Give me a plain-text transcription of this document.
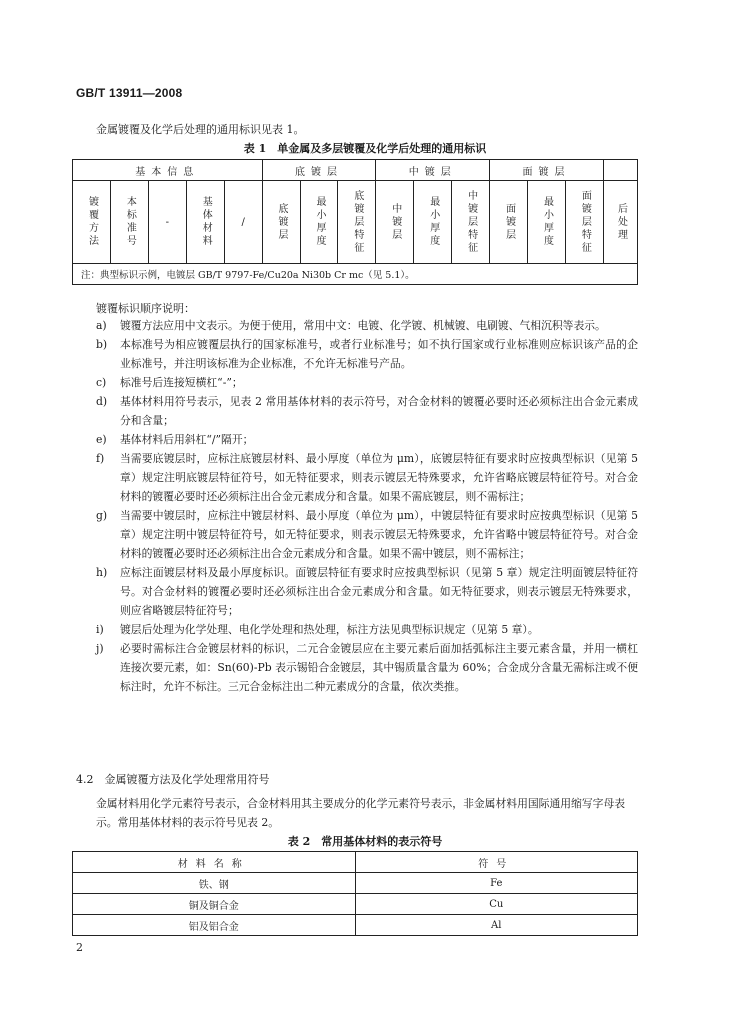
GB/T 13911—2008
金属镀覆及化学后处理的通用标识见表 1。
表 1　单金属及多层镀覆及化学后处理的通用标识
基本信息					底镀层			中镀层			面镀层			

镀覆方法	本标准号	-	基体材料	/	底镀层	最小厚度	底镀层特征	中镀层	最小厚度	中镀层特征	面镀层	最小厚度	面镀层特征	后处理

注：典型标识示例，电镀层 GB/T 9797-Fe/Cu20a Ni30b Cr mc（见 5.1）。														
镀覆标识顺序说明：
a)	镀覆方法应用中文表示。为便于使用，常用中文：电镀、化学镀、机械镀、电刷镀、气相沉积等表示。
b)	本标准号为相应镀覆层执行的国家标准号，或者行业标准号；如不执行国家或行业标准则应标识该产品的企业标准号，并注明该标准为企业标准，不允许无标准号产品。
c)	标准号后连接短横杠“-”；
d)	基体材料用符号表示，见表 2 常用基体材料的表示符号，对合金材料的镀覆必要时还必须标注出合金元素成分和含量；
e)	基体材料后用斜杠“/”隔开；
f)	当需要底镀层时，应标注底镀层材料、最小厚度（单位为 μm），底镀层特征有要求时应按典型标识（见第 5 章）规定注明底镀层特征符号，如无特征要求，则表示镀层无特殊要求，允许省略底镀层特征符号。对合金材料的镀覆必要时还必须标注出合金元素成分和含量。如果不需底镀层，则不需标注；
g)	当需要中镀层时，应标注中镀层材料、最小厚度（单位为 μm），中镀层特征有要求时应按典型标识（见第 5 章）规定注明中镀层特征符号，如无特征要求，则表示镀层无特殊要求，允许省略中镀层特征符号。对合金材料的镀覆必要时还必须标注出合金元素成分和含量。如果不需中镀层，则不需标注；
h)	应标注面镀层材料及最小厚度标识。面镀层特征有要求时应按典型标识（见第 5 章）规定注明面镀层特征符号。对合金材料的镀覆必要时还必须标注出合金元素成分和含量。如无特征要求，则表示镀层无特殊要求，则应省略镀层特征符号；
i)	镀层后处理为化学处理、电化学处理和热处理，标注方法见典型标识规定（见第 5 章）。
j)	必要时需标注合金镀层材料的标识，二元合金镀层应在主要元素后面加括弧标注主要元素含量，并用一横杠连接次要元素，如：Sn(60)-Pb 表示锡铅合金镀层，其中锡质量含量为 60%；合金成分含量无需标注或不便标注时，允许不标注。三元合金标注出二种元素成分的含量，依次类推。
4.2　金属镀覆方法及化学处理常用符号
金属材料用化学元素符号表示，合金材料用其主要成分的化学元素符号表示，非金属材料用国际通用缩写字母表示。常用基体材料的表示符号见表 2。
表 2　常用基体材料的表示符号
材料名称	符号
铁、钢	Fe
铜及铜合金	Cu
铝及铝合金	Al
2
